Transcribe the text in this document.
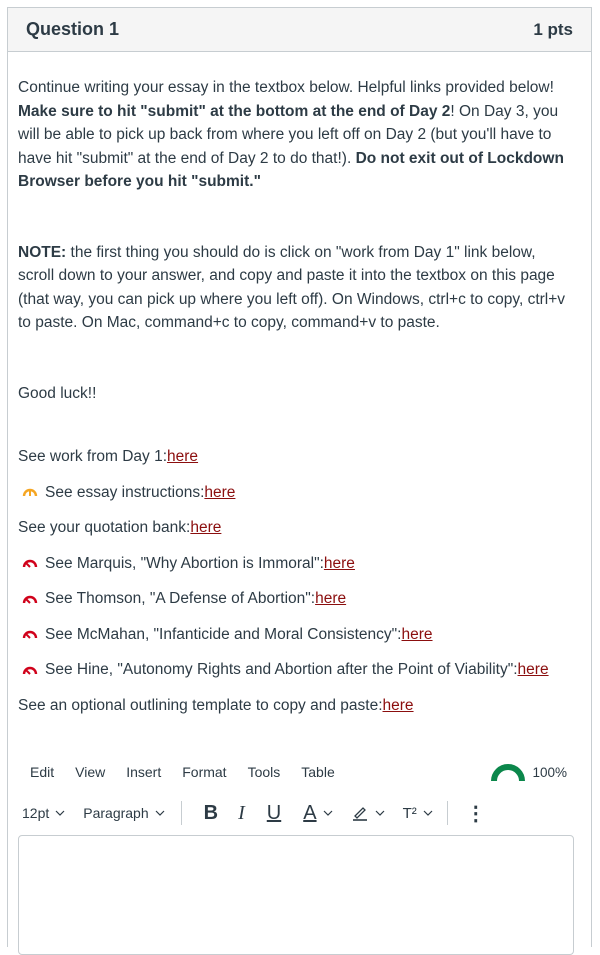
Question 1	1 pts

Continue writing your essay in the textbox below. Helpful links provided below! Make sure to hit "submit" at the bottom at the end of Day 2! On Day 3, you will be able to pick up back from where you left off on Day 2 (but you'll have to have hit "submit" at the end of Day 2 to do that!). Do not exit out of Lockdown Browser before you hit "submit."

NOTE: the first thing you should do is click on "work from Day 1" link below, scroll down to your answer, and copy and paste it into the textbox on this page (that way, you can pick up where you left off). On Windows, ctrl+c to copy, ctrl+v to paste. On Mac, command+c to copy, command+v to paste.

Good luck!!

See work from Day 1: here
See essay instructions: here
See your quotation bank: here
See Marquis, "Why Abortion is Immoral": here
See Thomson, "A Defense of Abortion": here
See McMahan, "Infanticide and Moral Consistency": here
See Hine, "Autonomy Rights and Abortion after the Point of Viability": here
See an optional outlining template to copy and paste: here
Edit View Insert Format Tools Table	100%
12pt Paragraph	B I U A	T² ⋮
